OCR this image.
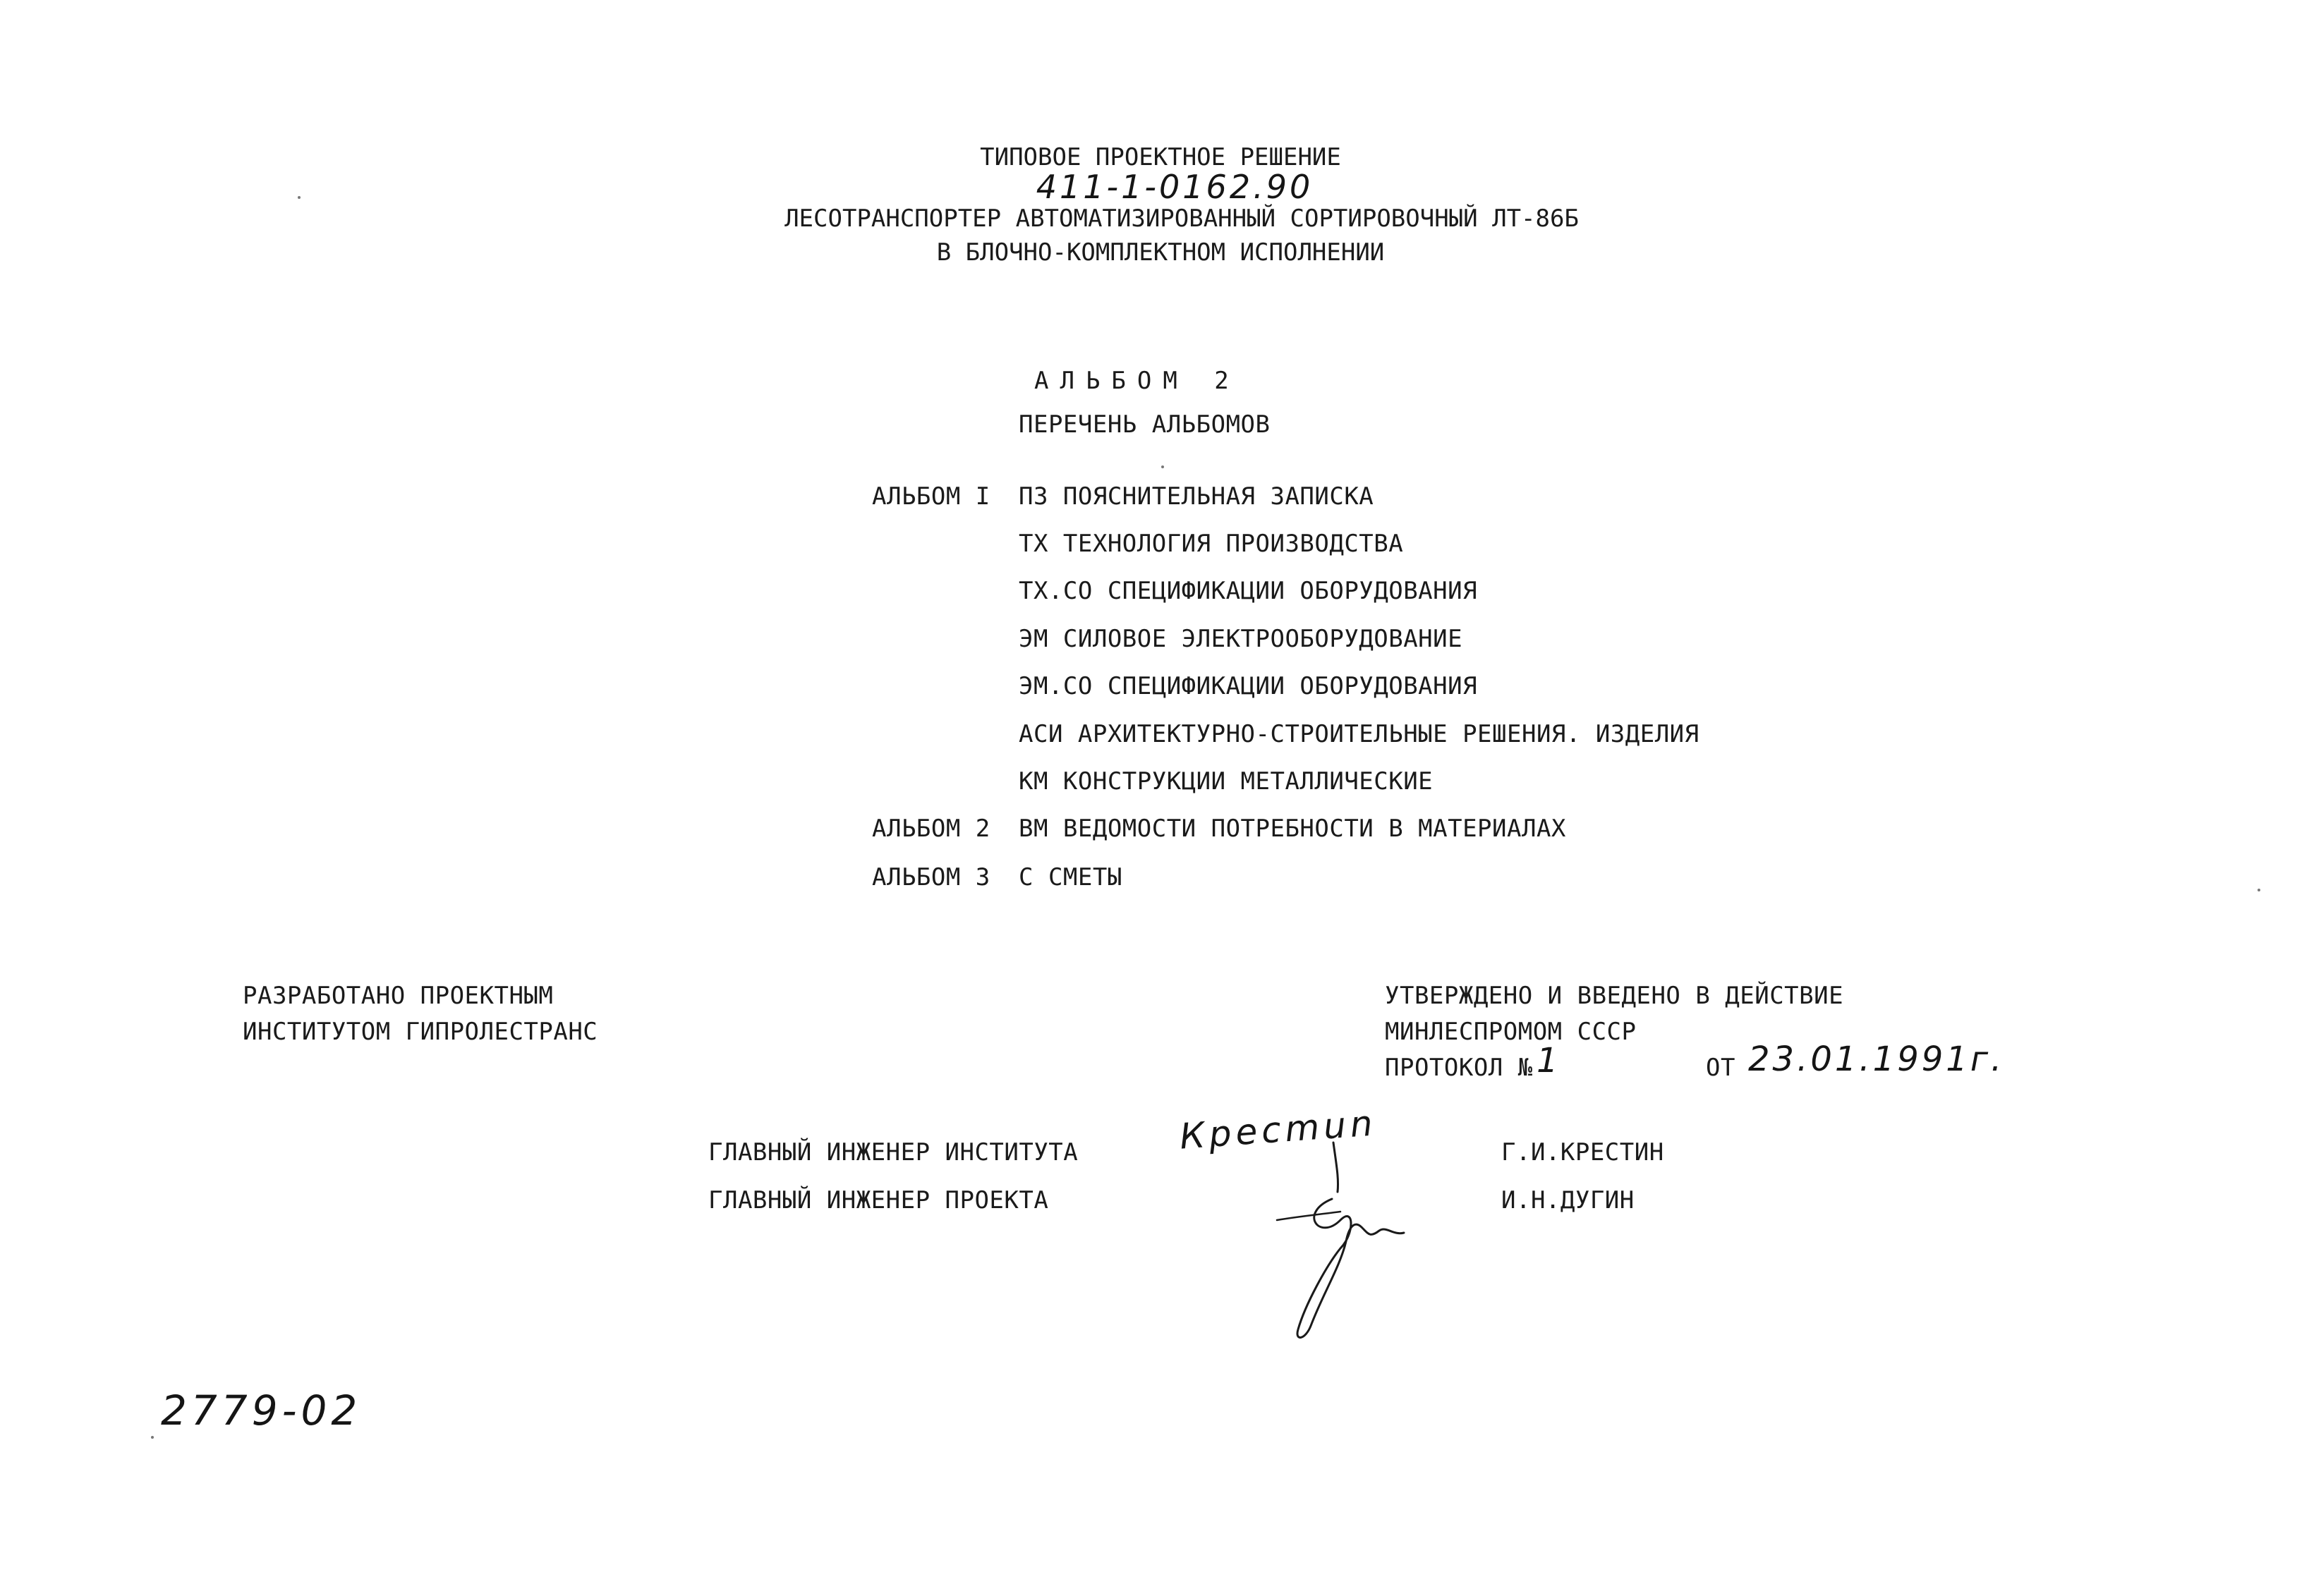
ТИПОВОЕ ПРОЕКТНОЕ РЕШЕНИЕ
411-1-0162.90
ЛЕСОТРАНСПОРТЕР АВТОМАТИЗИРОВАННЫЙ СОРТИРОВОЧНЫЙ ЛТ-86Б
В БЛОЧНО-КОМПЛЕКТНОМ ИСПОЛНЕНИИ
АЛЬБОМ 2
ПЕРЕЧЕНЬ АЛЬБОМОВ
АЛЬБОМ I ПЗ ПОЯСНИТЕЛЬНАЯ ЗАПИСКА
ТХ ТЕХНОЛОГИЯ ПРОИЗВОДСТВА
ТХ.СО СПЕЦИФИКАЦИИ ОБОРУДОВАНИЯ
ЭМ СИЛОВОЕ ЭЛЕКТРООБОРУДОВАНИЕ
ЭМ.СО СПЕЦИФИКАЦИИ ОБОРУДОВАНИЯ
АСИ АРХИТЕКТУРНО-СТРОИТЕЛЬНЫЕ РЕШЕНИЯ. ИЗДЕЛИЯ
КМ КОНСТРУКЦИИ МЕТАЛЛИЧЕСКИЕ
АЛЬБОМ 2 ВМ ВЕДОМОСТИ ПОТРЕБНОСТИ В МАТЕРИАЛАХ
АЛЬБОМ 3 С СМЕТЫ
РАЗРАБОТАНО ПРОЕКТНЫМ
ИНСТИТУТОМ ГИПРОЛЕСТРАНС
УТВЕРЖДЕНО И ВВЕДЕНО В ДЕЙСТВИЕ
МИНЛЕСПРОМОМ СССР
ПРОТОКОЛ № 1	ОТ 23.01.1991г.
ГЛАВНЫЙ ИНЖЕНЕР ИНСТИТУТА	Г.И.КРЕСТИН
Кресmun
ГЛАВНЫЙ ИНЖЕНЕР ПРОЕКТА	И.Н.ДУГИН
2779-02
